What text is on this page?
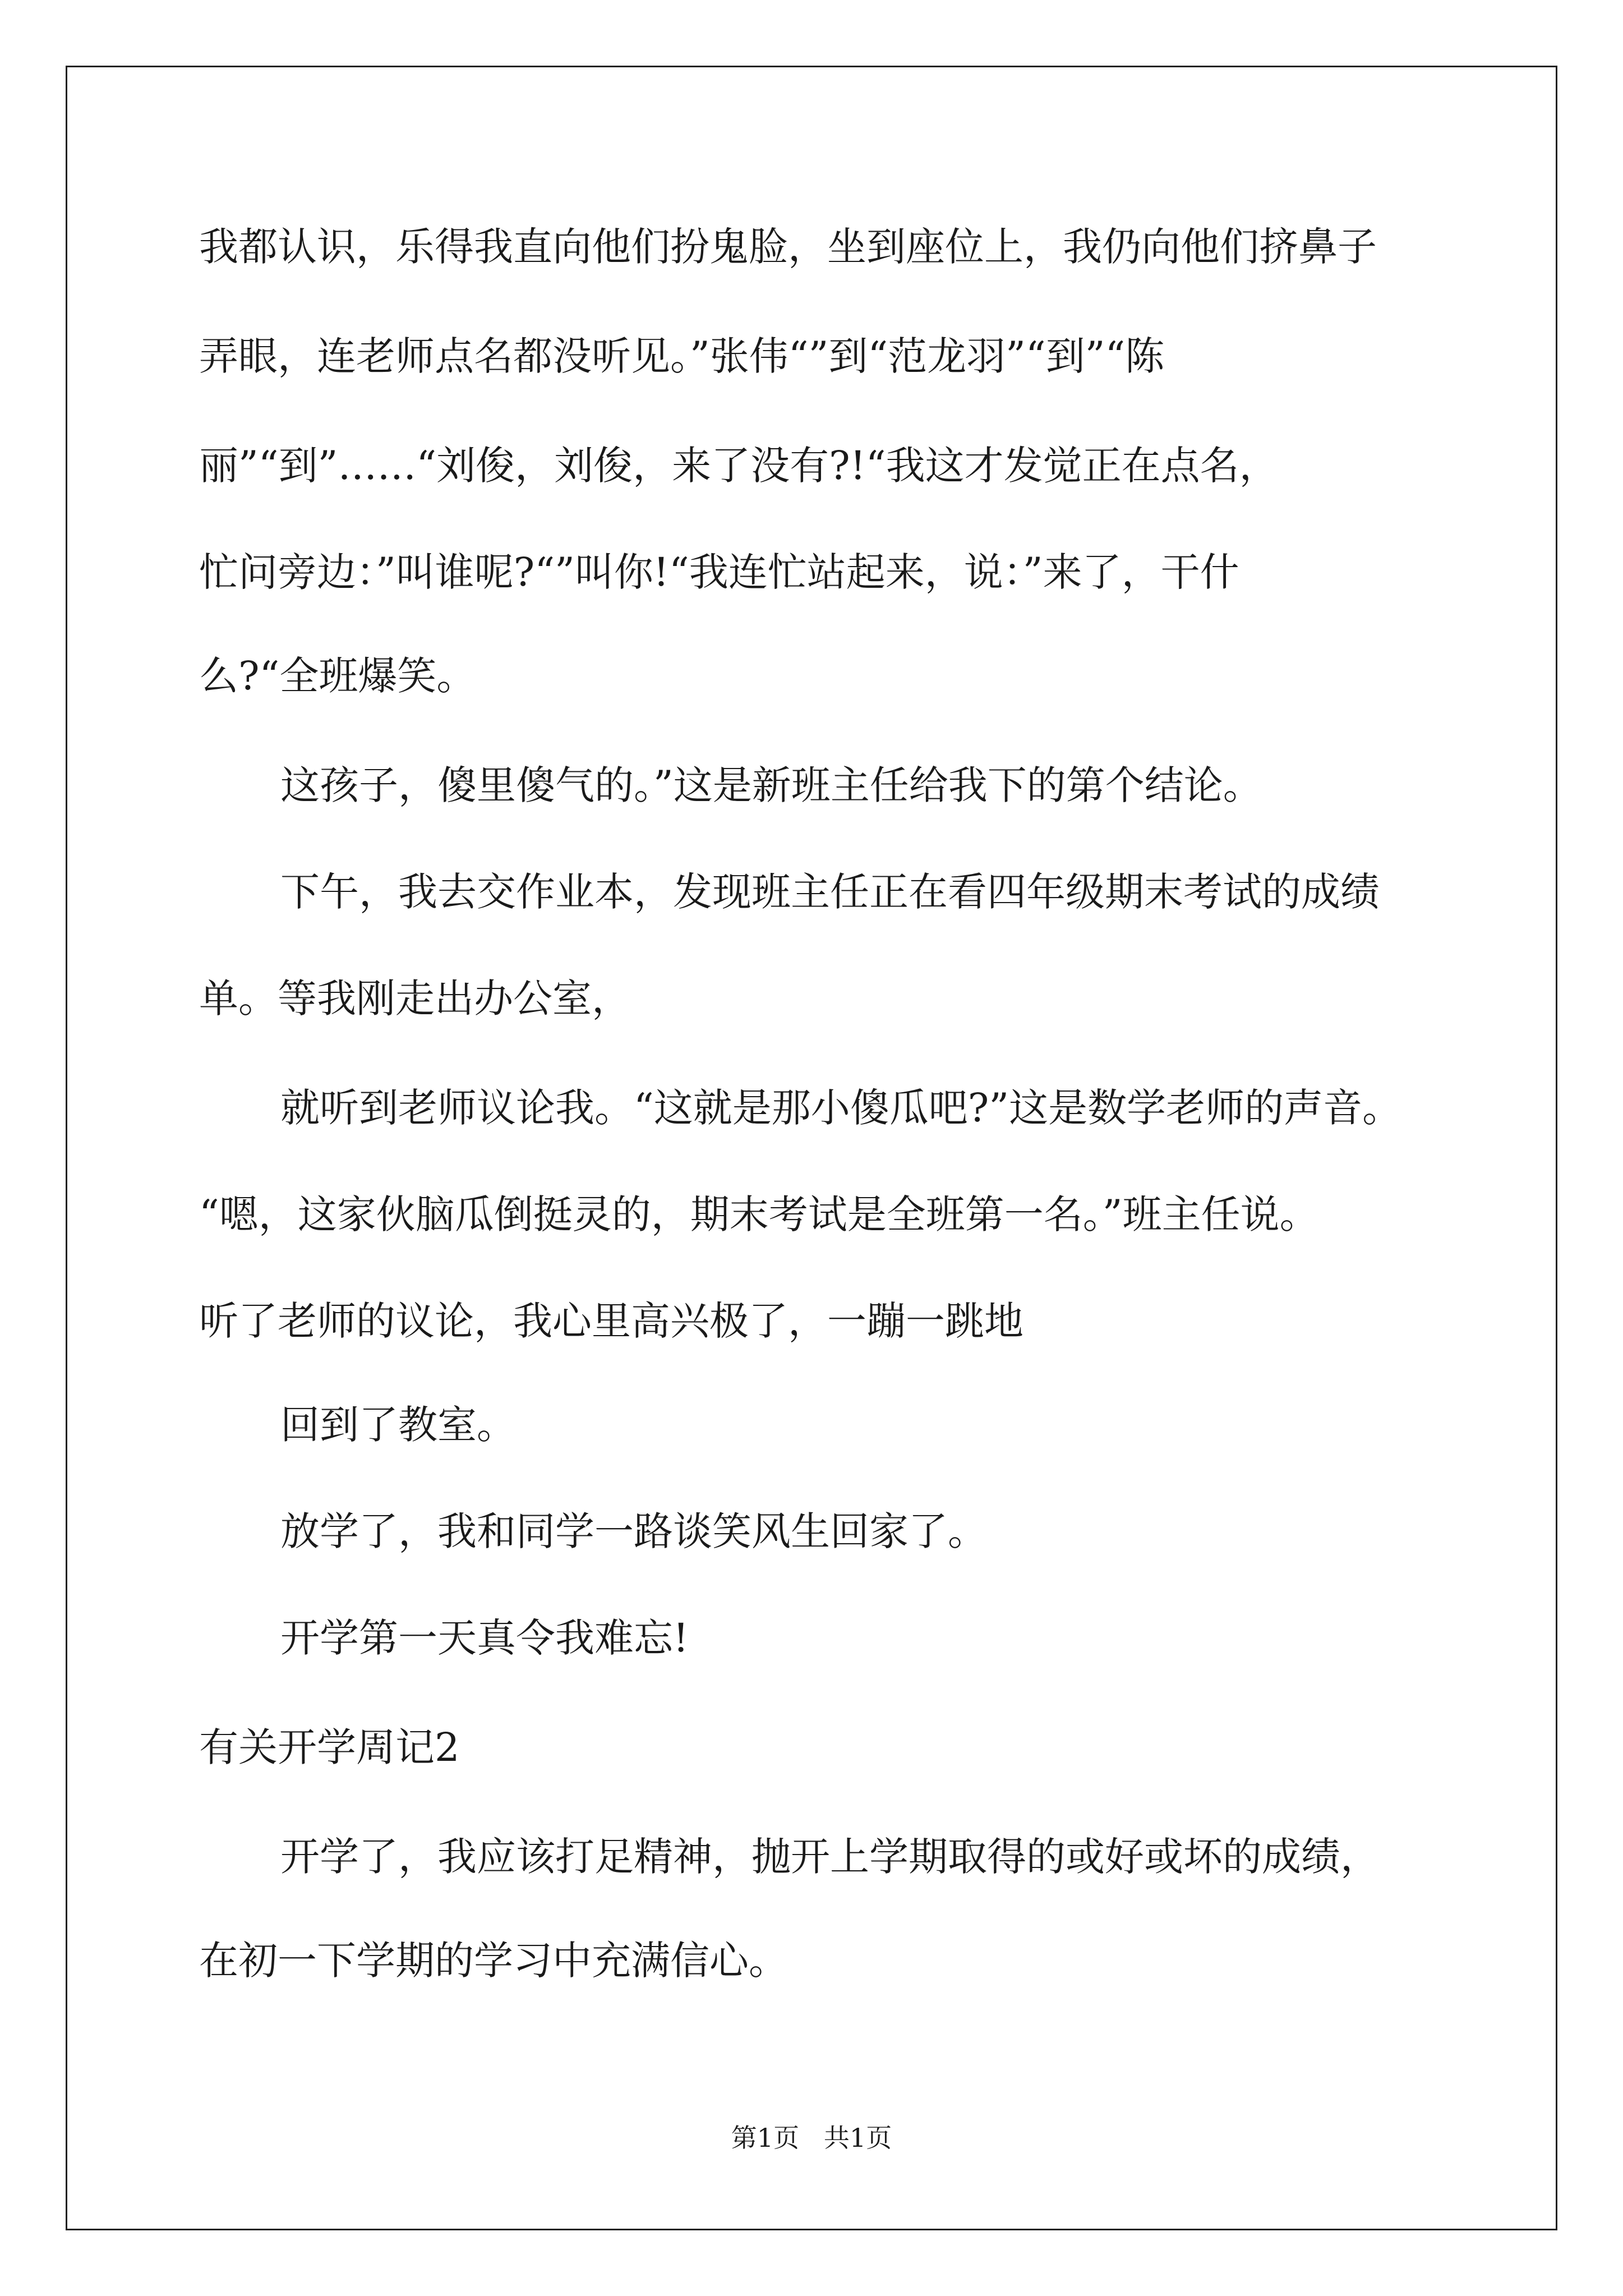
我都认识，乐得我直向他们扮鬼脸，坐到座位上，我仍向他们挤鼻子

弄眼，连老师点名都没听见。”张伟“”到“范龙羽”“到”“陈

丽”“到”……“刘俊，刘俊，来了没有?!“我这才发觉正在点名，

忙问旁边：”叫谁呢?“”叫你!“我连忙站起来，说：”来了，干什

么?“全班爆笑。

这孩子，傻里傻气的。”这是新班主任给我下的第个结论。

下午，我去交作业本，发现班主任正在看四年级期末考试的成绩

单。等我刚走出办公室，

就听到老师议论我。“这就是那小傻瓜吧?”这是数学老师的声音。

“嗯，这家伙脑瓜倒挺灵的，期末考试是全班第一名。”班主任说。

听了老师的议论，我心里高兴极了，一蹦一跳地

回到了教室。

放学了，我和同学一路谈笑风生回家了。

开学第一天真令我难忘!

有关开学周记2

开学了，我应该打足精神，抛开上学期取得的或好或坏的成绩，

在初一下学期的学习中充满信心。

第1页   共1页
